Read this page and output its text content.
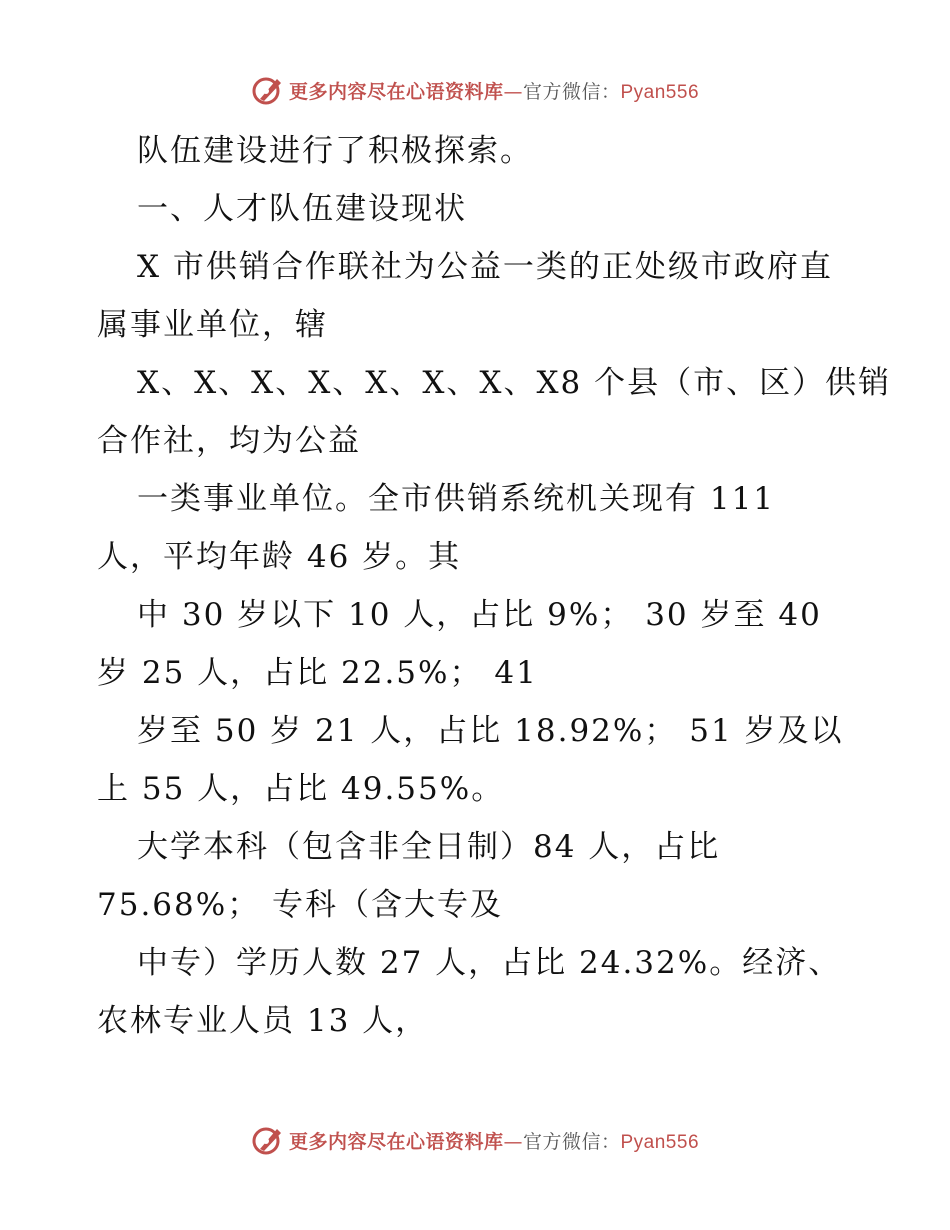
更多内容尽在心语资料库—官方微信：Pyan556
队伍建设进行了积极探索。
一、人才队伍建设现状
X 市供销合作联社为公益一类的正处级市政府直
属事业单位，辖
X、X、X、X、X、X、X、X8 个县（市、区）供销
合作社，均为公益
一类事业单位。全市供销系统机关现有 111
人，平均年龄 46 岁。其
中 30 岁以下 10 人，占比 9%； 30 岁至 40
岁 25 人，占比 22.5%； 41
岁至 50 岁 21 人，占比 18.92%； 51 岁及以
上 55 人，占比 49.55%。
大学本科（包含非全日制）84 人，占比
75.68%； 专科（含大专及
中专）学历人数 27 人，占比 24.32%。经济、
农林专业人员 13 人，
更多内容尽在心语资料库—官方微信：Pyan556
